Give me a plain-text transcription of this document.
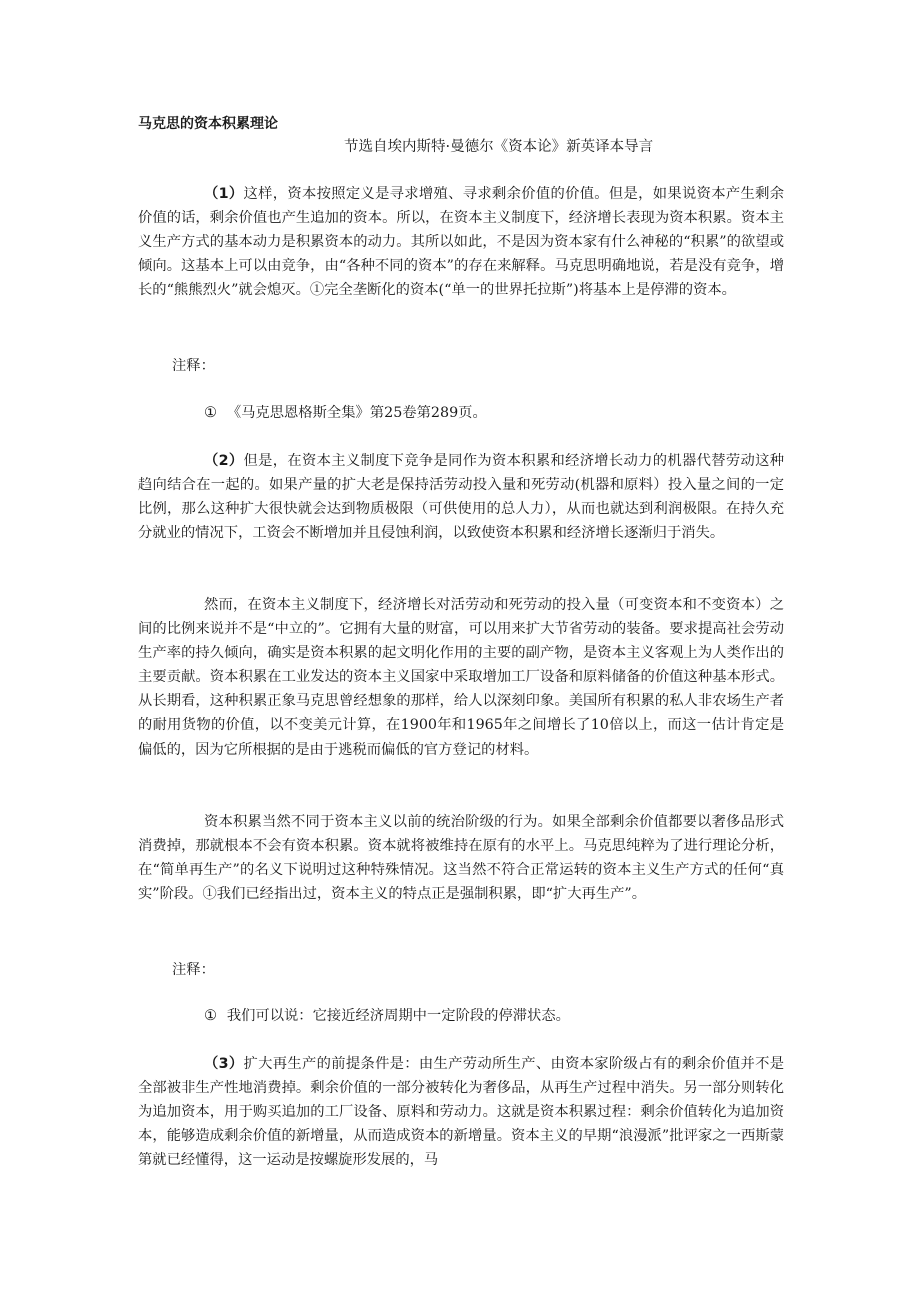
马克思的资本积累理论
节选自埃内斯特·曼德尔《资本论》新英译本导言

（1）这样，资本按照定义是寻求增殖、寻求剩余价值的价值。但是，如果说资本产生剩余价值的话，剩余价值也产生追加的资本。所以，在资本主义制度下，经济增长表现为资本积累。资本主义生产方式的基本动力是积累资本的动力。其所以如此，不是因为资本家有什么神秘的“积累”的欲望或倾向。这基本上可以由竞争，由“各种不同的资本”的存在来解释。马克思明确地说，若是没有竞争，增长的“熊熊烈火”就会熄灭。①完全垄断化的资本(“单一的世界托拉斯”)将基本上是停滞的资本。

注释：
① 《马克思恩格斯全集》第25卷第289页。

（2）但是，在资本主义制度下竞争是同作为资本积累和经济增长动力的机器代替劳动这种趋向结合在一起的。如果产量的扩大老是保持活劳动投入量和死劳动(机器和原料）投入量之间的一定比例，那么这种扩大很快就会达到物质极限（可供使用的总人力），从而也就达到利润极限。在持久充分就业的情况下，工资会不断增加并且侵蚀利润，以致使资本积累和经济增长逐渐归于消失。

然而，在资本主义制度下，经济增长对活劳动和死劳动的投入量（可变资本和不变资本）之间的比例来说并不是“中立的”。它拥有大量的财富，可以用来扩大节省劳动的装备。要求提高社会劳动生产率的持久倾向，确实是资本积累的起文明化作用的主要的副产物，是资本主义客观上为人类作出的主要贡献。资本积累在工业发达的资本主义国家中采取增加工厂设备和原料储备的价值这种基本形式。从长期看，这种积累正象马克思曾经想象的那样，给人以深刻印象。美国所有积累的私人非农场生产者的耐用货物的价值，以不变美元计算，在1900年和1965年之间增长了10倍以上，而这一估计肯定是偏低的，因为它所根据的是由于逃税而偏低的官方登记的材料。

资本积累当然不同于资本主义以前的统治阶级的行为。如果全部剩余价值都要以奢侈品形式消费掉，那就根本不会有资本积累。资本就将被维持在原有的水平上。马克思纯粹为了进行理论分析，在“简单再生产”的名义下说明过这种特殊情况。这当然不符合正常运转的资本主义生产方式的任何“真实”阶段。①我们已经指出过，资本主义的特点正是强制积累，即“扩大再生产”。

注释：
① 我们可以说：它接近经济周期中一定阶段的停滞状态。

（3）扩大再生产的前提条件是：由生产劳动所生产、由资本家阶级占有的剩余价值并不是全部被非生产性地消费掉。剩余价值的一部分被转化为奢侈品，从再生产过程中消失。另一部分则转化为追加资本，用于购买追加的工厂设备、原料和劳动力。这就是资本积累过程：剩余价值转化为追加资本，能够造成剩余价值的新增量，从而造成资本的新增量。资本主义的早期“浪漫派”批评家之一西斯蒙第就已经懂得，这一运动是按螺旋形发展的，马
